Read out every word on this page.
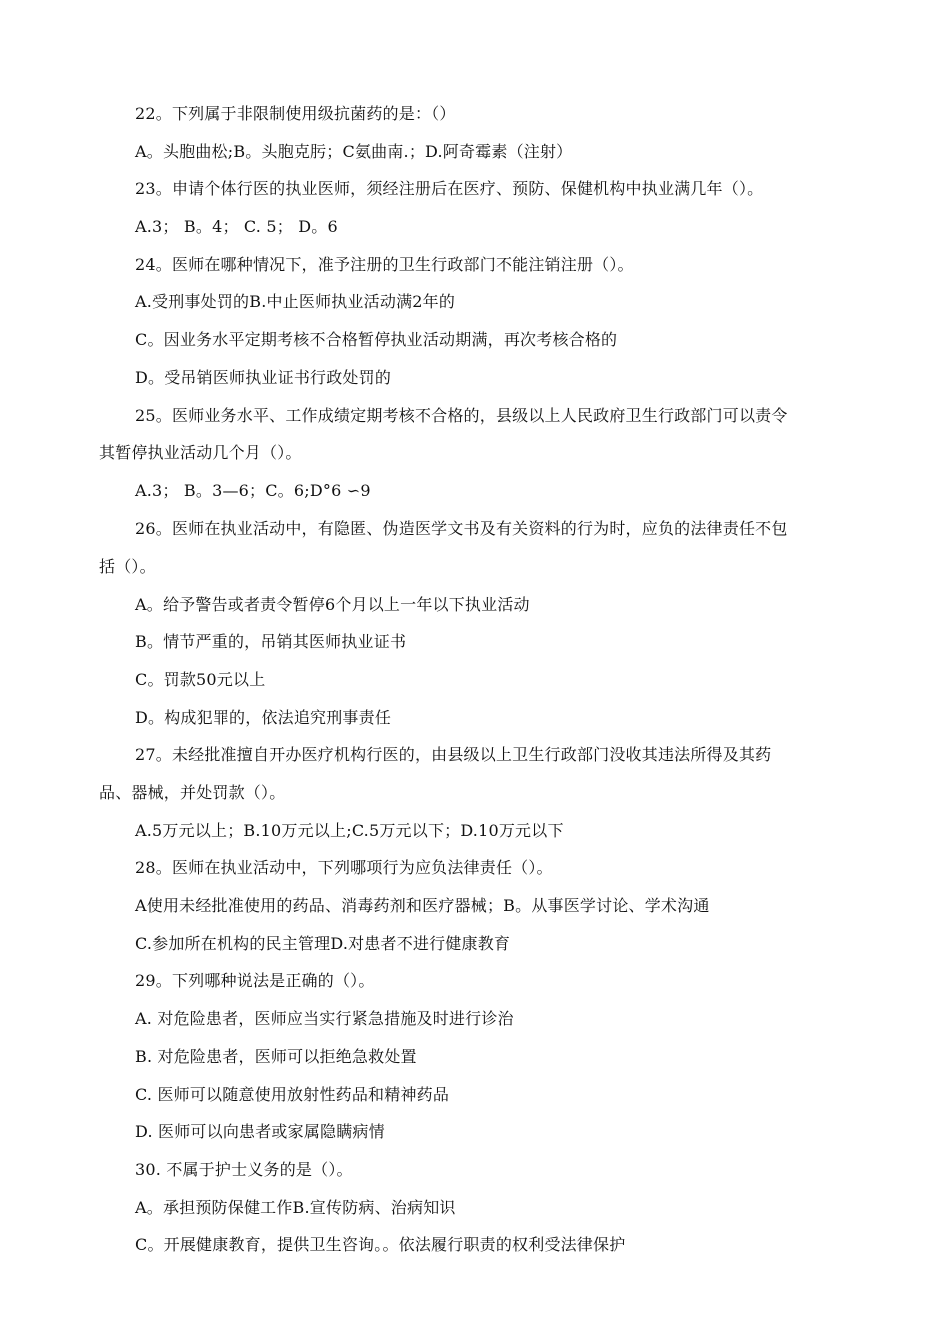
22。下列属于非限制使用级抗菌药的是：（）
A。头胞曲松;B。头胞克肟；C氨曲南.；D.阿奇霉素（注射）
23。申请个体行医的执业医师，须经注册后在医疗、预防、保健机构中执业满几年（）。
A.3； B。4； C. 5； D。6
24。医师在哪种情况下，准予注册的卫生行政部门不能注销注册（）。
A.受刑事处罚的B.中止医师执业活动满2年的
C。因业务水平定期考核不合格暂停执业活动期满，再次考核合格的
D。受吊销医师执业证书行政处罚的
25。医师业务水平、工作成绩定期考核不合格的，县级以上人民政府卫生行政部门可以责令
其暂停执业活动几个月（）。
A.3； B。3—6；C。6;D°6 ∽9
26。医师在执业活动中，有隐匿、伪造医学文书及有关资料的行为时，应负的法律责任不包
括（）。
A。给予警告或者责令暂停6个月以上一年以下执业活动
B。情节严重的，吊销其医师执业证书
C。罚款50元以上
D。构成犯罪的，依法追究刑事责任
27。未经批准擅自开办医疗机构行医的，由县级以上卫生行政部门没收其违法所得及其药
品、器械，并处罚款（）。
A.5万元以上；B.10万元以上;C.5万元以下；D.10万元以下
28。医师在执业活动中，下列哪项行为应负法律责任（）。
A使用未经批准使用的药品、消毒药剂和医疗器械；B。从事医学讨论、学术沟通
C.参加所在机构的民主管理D.对患者不进行健康教育
29。下列哪种说法是正确的（）。
A. 对危险患者，医师应当实行紧急措施及时进行诊治
B. 对危险患者，医师可以拒绝急救处置
C. 医师可以随意使用放射性药品和精神药品
D. 医师可以向患者或家属隐瞒病情
30. 不属于护士义务的是（）。
A。承担预防保健工作B.宣传防病、治病知识
C。开展健康教育，提供卫生咨询。。依法履行职责的权利受法律保护
